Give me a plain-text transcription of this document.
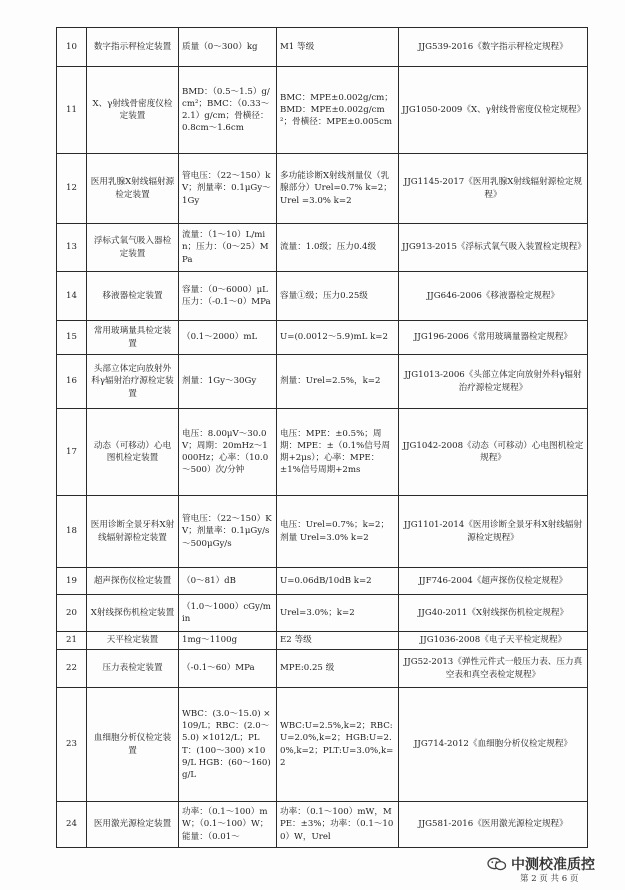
10	数字指示秤检定装置	质量（0～300）kg	M1 等级	JJG539-2016《数字指示秤检定规程》
11	X、γ射线骨密度仪检定装置	BMD：（0.5～1.5）g/cm²；BMC：（0.33～2.1）g/cm；骨横径：0.8cm～1.6cm	BMC：MPE±0.002g/cm；BMD：MPE±0.002g/cm²；骨横径：MPE±0.005cm	JJG1050-2009《X、γ射线骨密度仪检定规程》
12	医用乳腺X射线辐射源检定装置	管电压：（22～150）kV；剂量率：0.1μGy～1Gy	多功能诊断X射线剂量仪（乳腺部分）Urel=0.7% k=2；Urel =3.0% k=2	JJG1145-2017《医用乳腺X射线辐射源检定规程》
13	浮标式氧气吸入器检定装置	流量：（1～10）L/min；压力：（0～25）MPa	流量：1.0级；压力0.4级	JJG913-2015《浮标式氧气吸入装置检定规程》
14	移液器检定装置	容量：（0～6000）μL 压力：（-0.1～0）MPa	容量①级；压力0.25级	JJG646-2006《移液器检定规程》
15	常用玻璃量具检定装置	（0.1～2000）mL	U=(0.0012～5.9)mL k=2	JJG196-2006《常用玻璃量器检定规程》
16	头部立体定向放射外科γ辐射治疗源检定装置	剂量：1Gy～30Gy	剂量：Urel=2.5%，k=2	JJG1013-2006《头部立体定向放射外科γ辐射治疗源检定规程》
17	动态（可移动）心电图机检定装置	电压：8.00μV～30.0V；周期：20mHz～1000Hz；心率：（10.0～500）次/分钟	电压：MPE：±0.5%；周期：MPE：±（0.1%信号周期+2μs）；心率：MPE：±1%信号周期+2ms	JJG1042-2008《动态（可移动）心电图机检定规程》
18	医用诊断全景牙科X射线辐射源检定装置	管电压：（22～150）KV；剂量率：0.1μGy/s～500μGy/s	电压：Urel=0.7%；k=2；剂量 Urel=3.0% k=2	JJG1101-2014《医用诊断全景牙科X射线辐射源检定规程》
19	超声探伤仪检定装置	（0～81）dB	U=0.06dB/10dB k=2	JJF746-2004《超声探伤仪检定规程》
20	X射线探伤机检定装置	（1.0～1000）cGy/min	Urel=3.0%；k=2	JJG40-2011《X射线探伤机检定规程》
21	天平检定装置	1mg～1100g	E2 等级	JJG1036-2008《电子天平检定规程》
22	压力表检定装置	（-0.1～60）MPa	MPE:0.25 级	JJG52-2013《弹性元件式一般压力表、压力真空表和真空表检定规程》
23	血细胞分析仪检定装置	WBC：(3.0～15.0) ×109/L；RBC：(2.0～5.0) ×1012/L；PLT：(100～300) ×109/L HGB：(60～160)g/L	WBC:U=2.5%,k=2；RBC:U=2.0%,k=2；HGB:U=2.0%,k=2；PLT:U=3.0%,k=2	JJG714-2012《血细胞分析仪检定规程》
24	医用激光源检定装置	功率：（0.1～100）mW；（0.1～100）W；能量：（0.01～	功率：（0.1～100）mW，MPE：±3%；功率：（0.1～100）W，Urel	JJG581-2016《医用激光源检定规程》
中测校准质控
第 2 页 共 6 页
